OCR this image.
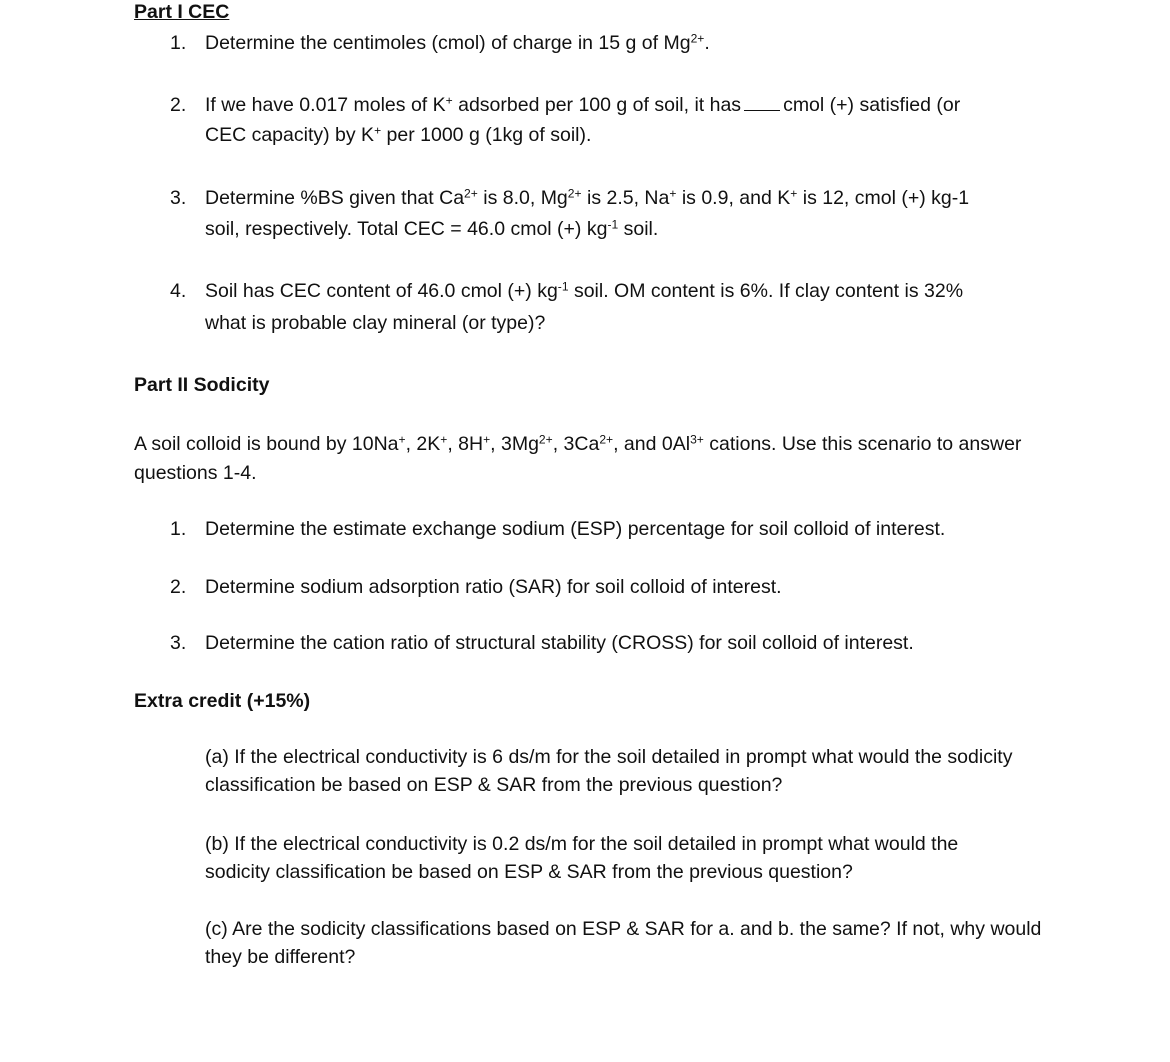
Part I CEC
1. Determine the centimoles (cmol) of charge in 15 g of $Mg^{2+}$.
2. If we have 0.017 moles of K+ adsorbed per 100 g of soil, it has cmol (+) satisfied (or
CEC capacity) by K+ per 1000 g (1kg of soil).
3. Determine %BS given that $Ca^{2+}$ is 8.0, $Mg^{2+}$ is 2.5, Na+ is 0.9, and K+ is 12, cmol (+) kg-1
soil, respectively. Total CEC = 46.0 cmol (+) $kg^{-1}$ soil.
4. Soil has CEC content of 46.0 cmol (+) $kg^{-1}$ soil. OM content is 6%. If clay content is 32%
what is probable clay mineral (or type)?
Part II Sodicity
A soil colloid is bound by 10Na+, 2K+, 8H+, $3Mg^{2+}$, $3Ca^{2+}$, and $0Al^{3+}$ cations. Use this scenario to answer
questions 1-4.
1. Determine the estimate exchange sodium (ESP) percentage for soil colloid of interest.
2. Determine sodium adsorption ratio (SAR) for soil colloid of interest.
3. Determine the cation ratio of structural stability (CROSS) for soil colloid of interest.
Extra credit (+15%)
(a) If the electrical conductivity is 6 ds/m for the soil detailed in prompt what would the sodicity
classification be based on ESP & SAR from the previous question?
(b) If the electrical conductivity is 0.2 ds/m for the soil detailed in prompt what would the
sodicity classification be based on ESP & SAR from the previous question?
(c) Are the sodicity classifications based on ESP & SAR for a. and b. the same? If not, why would
they be different?
